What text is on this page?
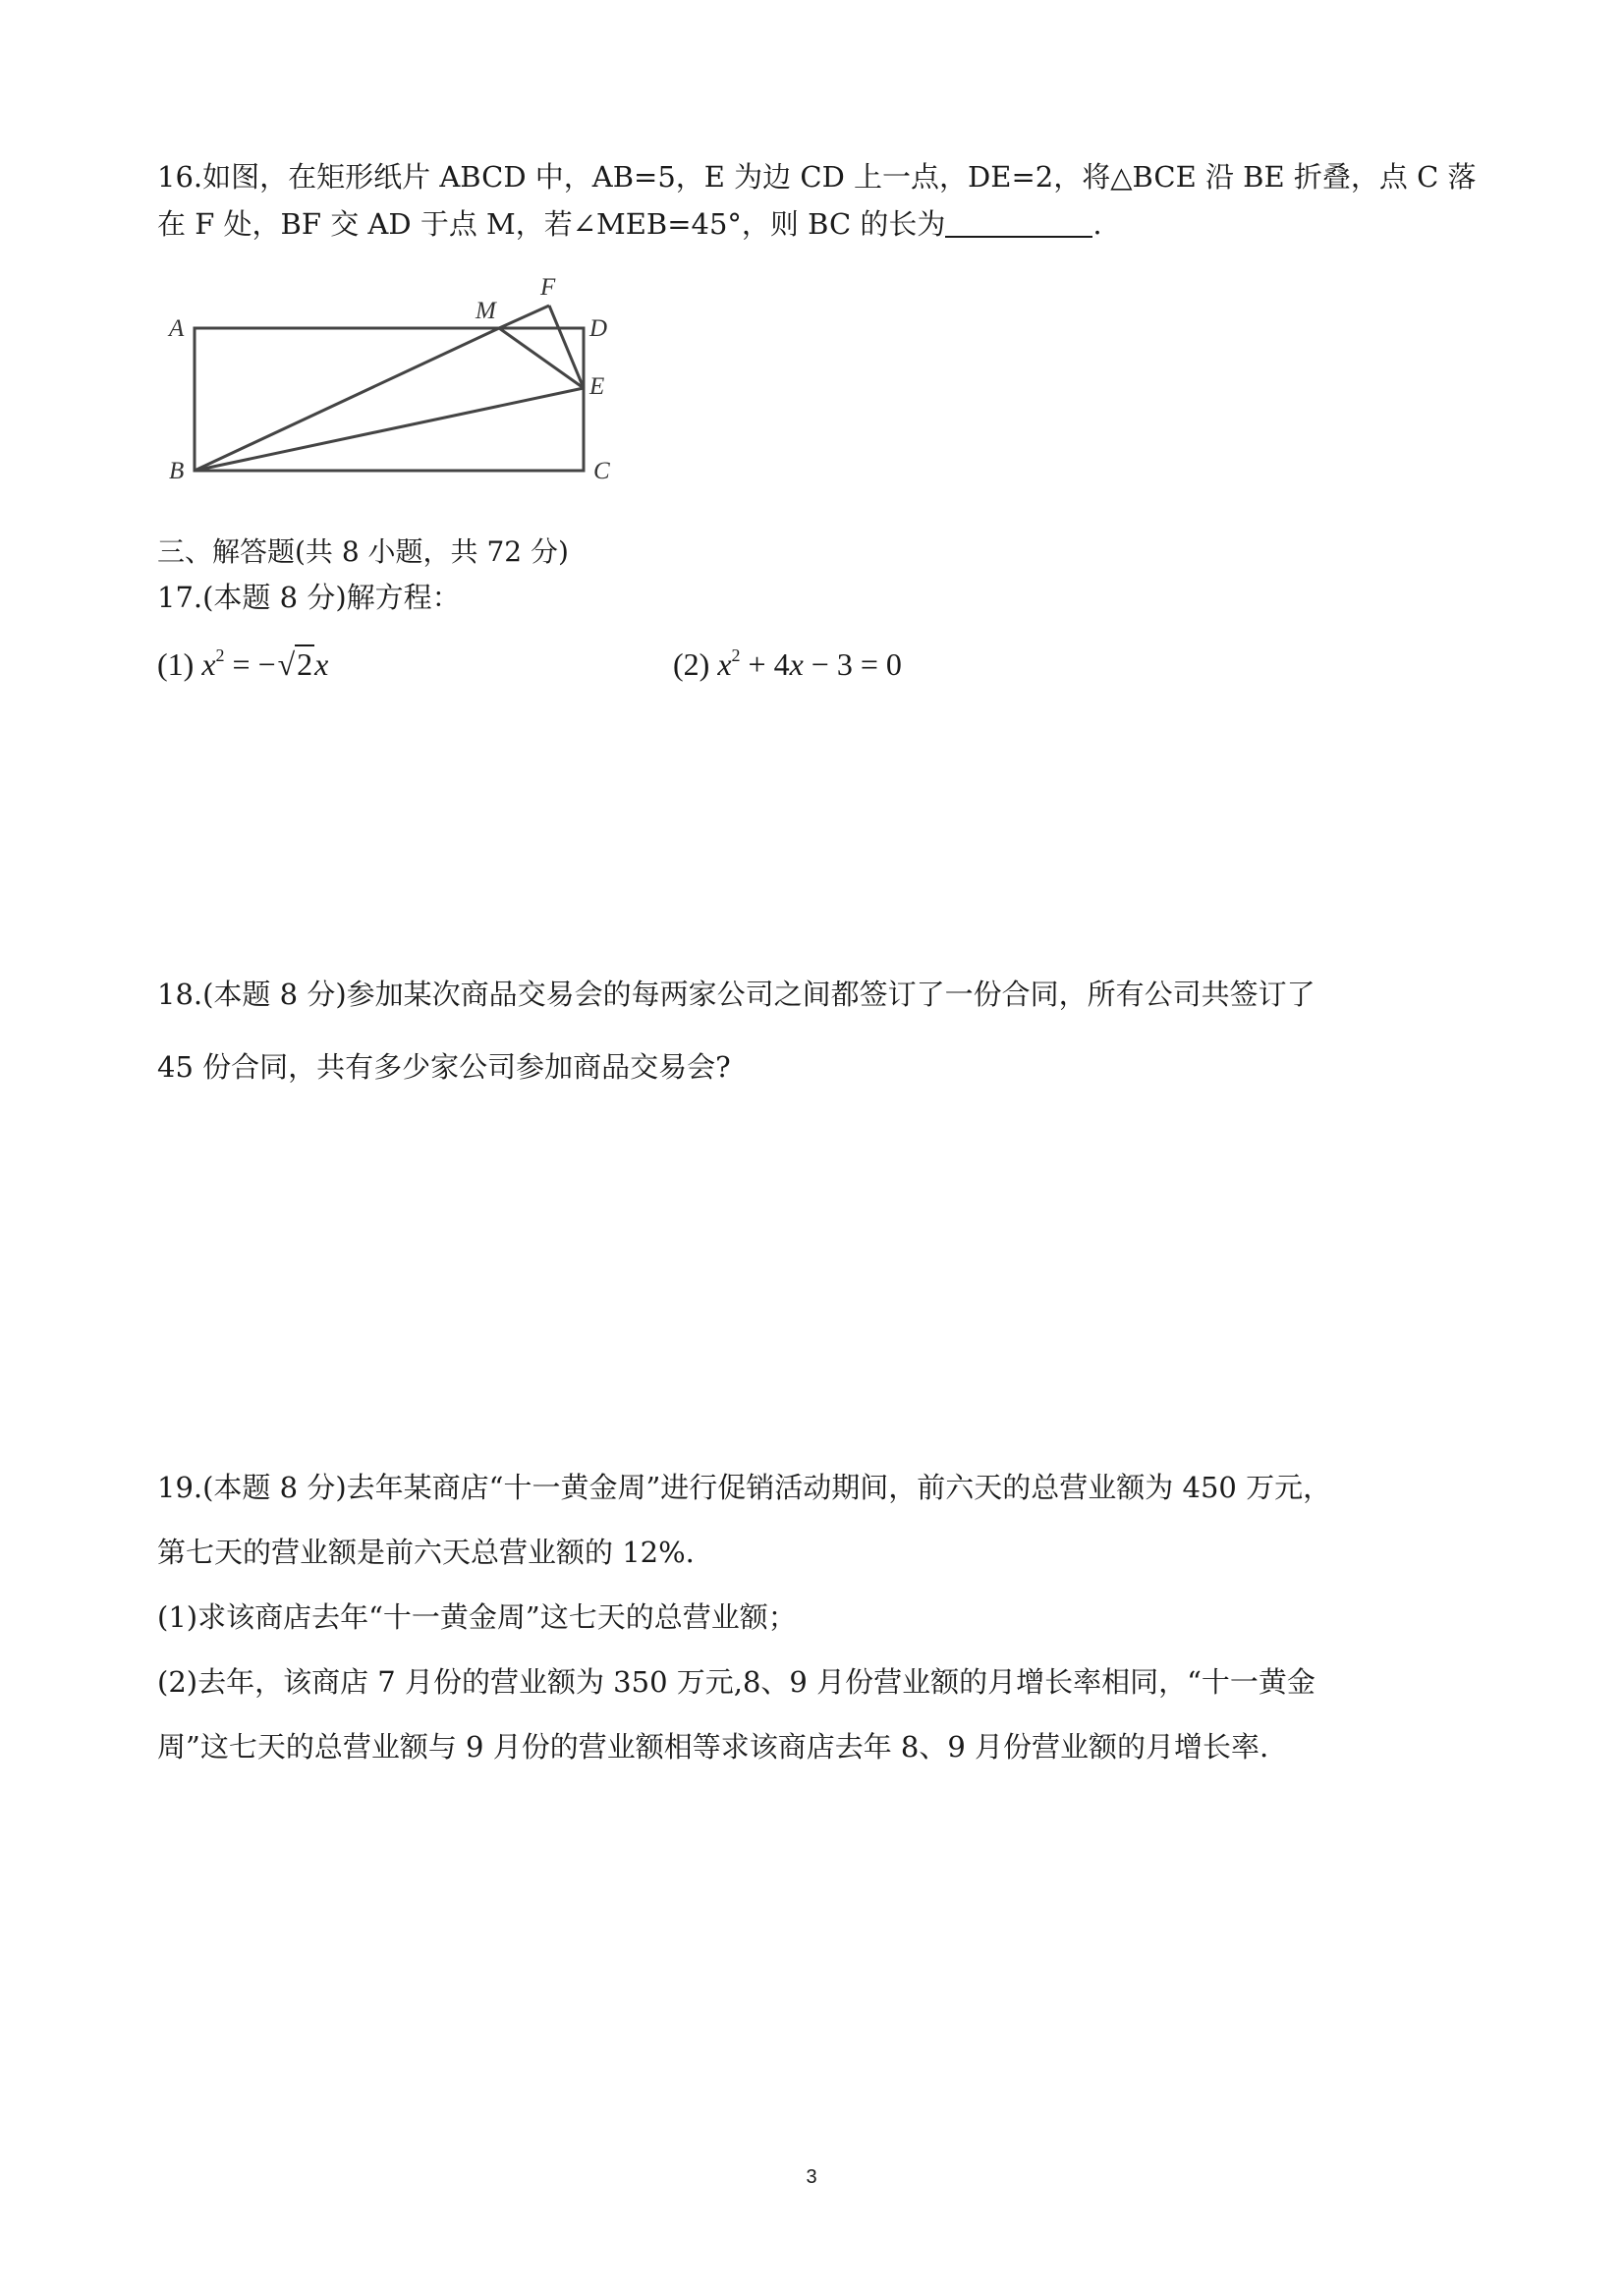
16.如图，在矩形纸片 ABCD 中，AB=5，E 为边 CD 上一点，DE=2，将△BCE 沿 BE 折叠，点 C 落
在 F 处，BF 交 AD 于点 M，若∠MEB=45°，则 BC 的长为	.
A
B	C
D
E
F
M
三、解答题(共 8 小题，共 72 分)
17.(本题 8 分)解方程：
(1) $x^2 = -√2x$	(2) $x^2 + 4x - 3 = 0$
18.(本题 8 分)参加某次商品交易会的每两家公司之间都签订了一份合同，所有公司共签订了
45 份合同，共有多少家公司参加商品交易会?
19.(本题 8 分)去年某商店“十一黄金周”进行促销活动期间，前六天的总营业额为 450 万元，
第七天的营业额是前六天总营业额的 12%.
(1)求该商店去年“十一黄金周”这七天的总营业额；
(2)去年，该商店 7 月份的营业额为 350 万元,8、9 月份营业额的月增长率相同，“十一黄金
周”这七天的总营业额与 9 月份的营业额相等求该商店去年 8、9 月份营业额的月增长率.
3
